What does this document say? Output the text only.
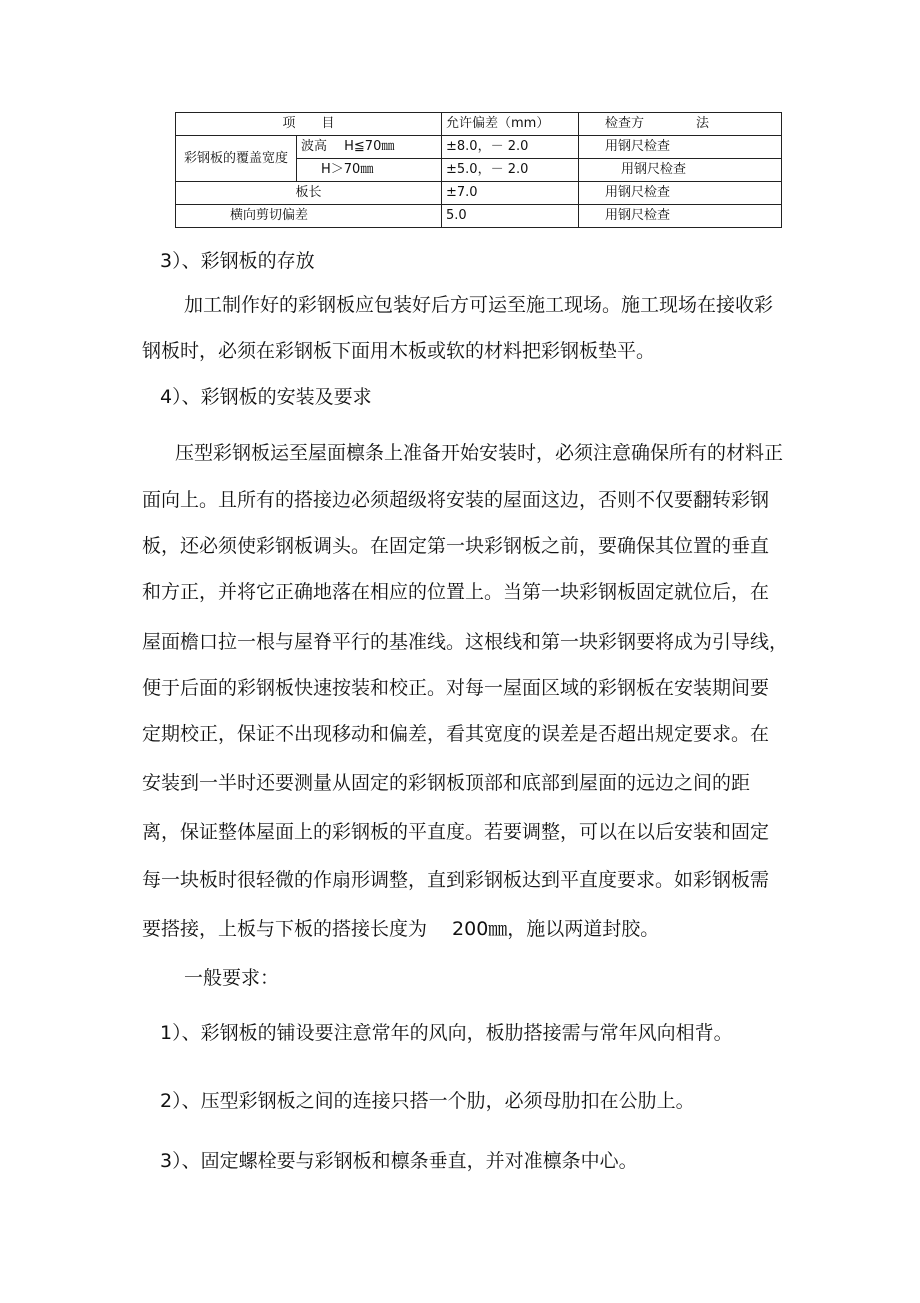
项　　目		允许偏差（mm）	检查方　　　　法
彩钢板的覆盖宽度	波高　 H≦70㎜	±8.0，－ 2.0	用钢尺检查
	H＞70㎜	±5.0，－ 2.0	用钢尺检查
板长		±7.0	用钢尺检查
横向剪切偏差		5.0	用钢尺检查
3）、彩钢板的存放
加工制作好的彩钢板应包装好后方可运至施工现场。施工现场在接收彩
钢板时，必须在彩钢板下面用木板或软的材料把彩钢板垫平。
4）、彩钢板的安装及要求
压型彩钢板运至屋面檩条上准备开始安装时，必须注意确保所有的材料正
面向上。且所有的搭接边必须超级将安装的屋面这边，否则不仅要翻转彩钢
板，还必须使彩钢板调头。在固定第一块彩钢板之前，要确保其位置的垂直
和方正，并将它正确地落在相应的位置上。当第一块彩钢板固定就位后，在
屋面檐口拉一根与屋脊平行的基准线。这根线和第一块彩钢要将成为引导线，
便于后面的彩钢板快速按装和校正。对每一屋面区域的彩钢板在安装期间要
定期校正，保证不出现移动和偏差，看其宽度的误差是否超出规定要求。在
安装到一半时还要测量从固定的彩钢板顶部和底部到屋面的远边之间的距
离，保证整体屋面上的彩钢板的平直度。若要调整，可以在以后安装和固定
每一块板时很轻微的作扇形调整，直到彩钢板达到平直度要求。如彩钢板需
要搭接，上板与下板的搭接长度为　 200㎜，施以两道封胶。
一般要求：
1）、彩钢板的铺设要注意常年的风向，板肋搭接需与常年风向相背。
2）、压型彩钢板之间的连接只搭一个肋，必须母肋扣在公肋上。
3）、固定螺栓要与彩钢板和檩条垂直，并对准檩条中心。
